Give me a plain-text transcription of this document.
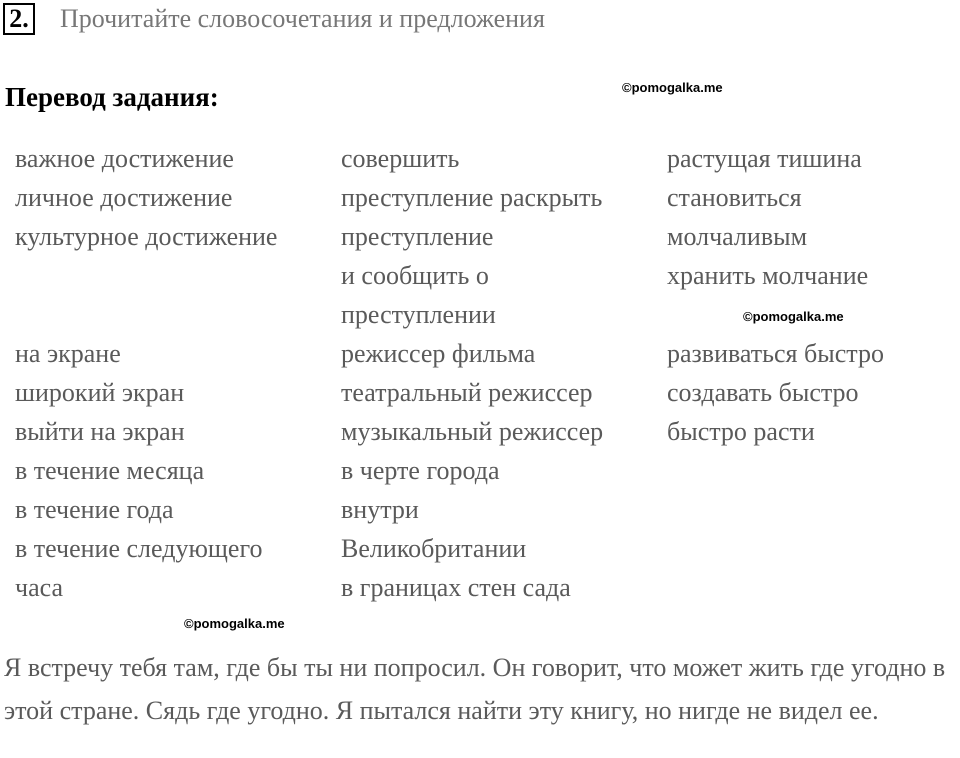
2. Прочитайте словосочетания и предложения
Перевод задания:	©pomogalka.me
©pomogalka.me
©pomogalka.me
важное достижение
личное достижение
культурное достижение

на экране
широкий экран
выйти на экран
в течение месяца
в течение года
в течение следующего
часа
совершить
преступление раскрыть
преступление
и сообщить о
преступлении
режиссер фильма
театральный режиссер
музыкальный режиссер
в черте города
внутри
Великобритании
в границах стен сада
растущая тишина
становиться
молчаливым
хранить молчание

развиваться быстро
создавать быстро
быстро расти

Я встречу тебя там, где бы ты ни попросил. Он говорит, что может жить где угодно в этой стране. Сядь где угодно. Я пытался найти эту книгу, но нигде не видел ее.
